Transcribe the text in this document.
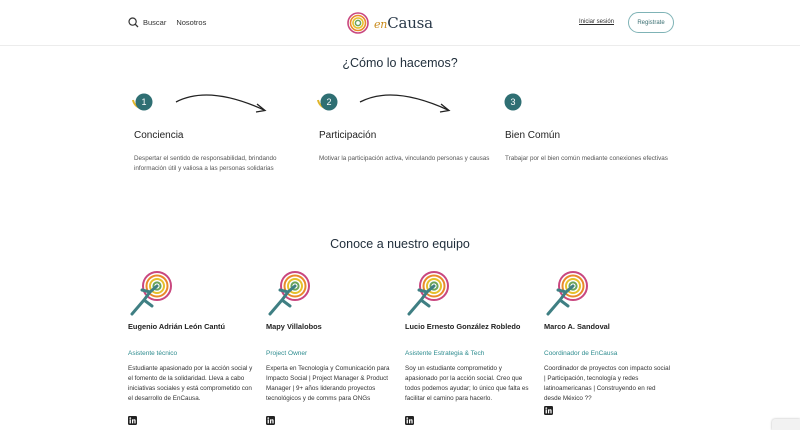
Buscar Nosotros	enCausa	Iniciar sesión	Registrate
¿Cómo lo hacemos?
1
Conciencia
Despertar el sentido de responsabilidad, brindando información útil y valiosa a las personas solidarias
2
Participación
Motivar la participación activa, vinculando personas y causas
3
Bien Común
Trabajar por el bien común mediante conexiones efectivas
Conoce a nuestro equipo
Eugenio Adrián León Cantú
Asistente técnico
Estudiante apasionado por la acción social y el fomento de la solidaridad. Lleva a cabo iniciativas sociales y está comprometido con el desarrollo de EnCausa.
Mapy Villalobos
Project Owner
Experta en Tecnología y Comunicación para Impacto Social | Project Manager & Product Manager | 9+ años liderando proyectos tecnológicos y de comms para ONGs
Lucio Ernesto González Robledo
Asistente Estrategia & Tech
Soy un estudiante comprometido y apasionado por la acción social. Creo que todos podemos ayudar; lo único que falta es facilitar el camino para hacerlo.
Marco A. Sandoval
Coordinador de EnCausa
Coordinador de proyectos con impacto social | Participación, tecnología y redes latinoamericanas | Construyendo en red desde México ??
